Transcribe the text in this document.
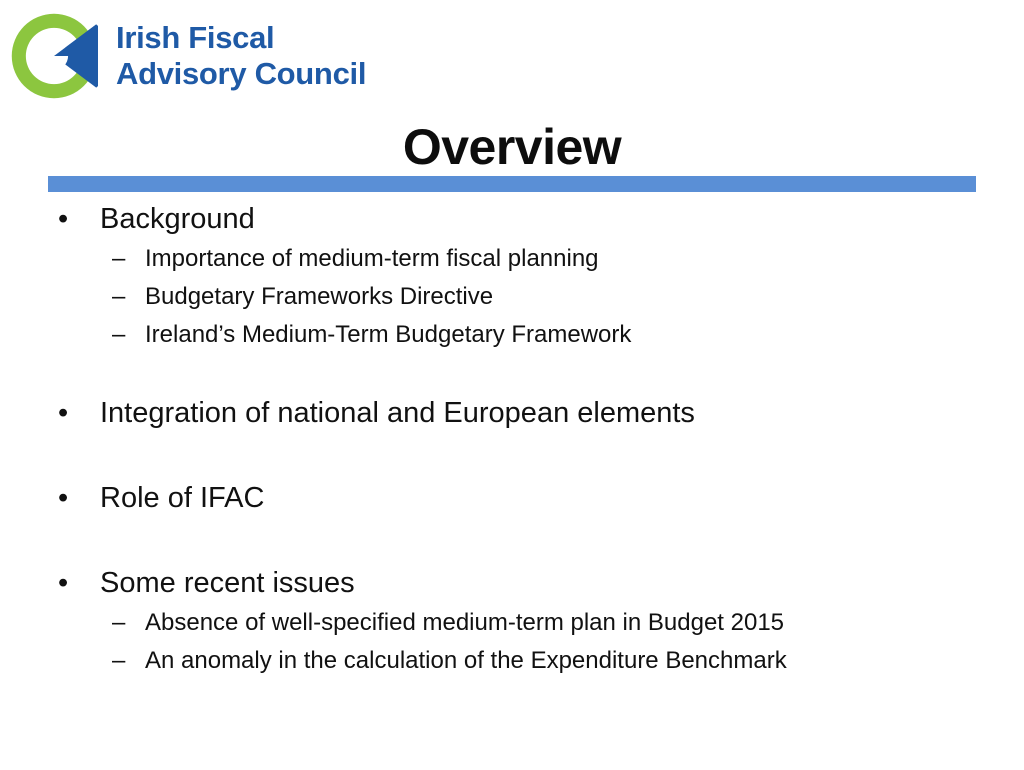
Irish Fiscal
Advisory Council
Overview
• Background
– Importance of medium-term fiscal planning
– Budgetary Frameworks Directive
– Ireland’s Medium-Term Budgetary Framework
• Integration of national and European elements
• Role of IFAC
• Some recent issues
– Absence of well-specified medium-term plan in Budget 2015
– An anomaly in the calculation of the Expenditure Benchmark
